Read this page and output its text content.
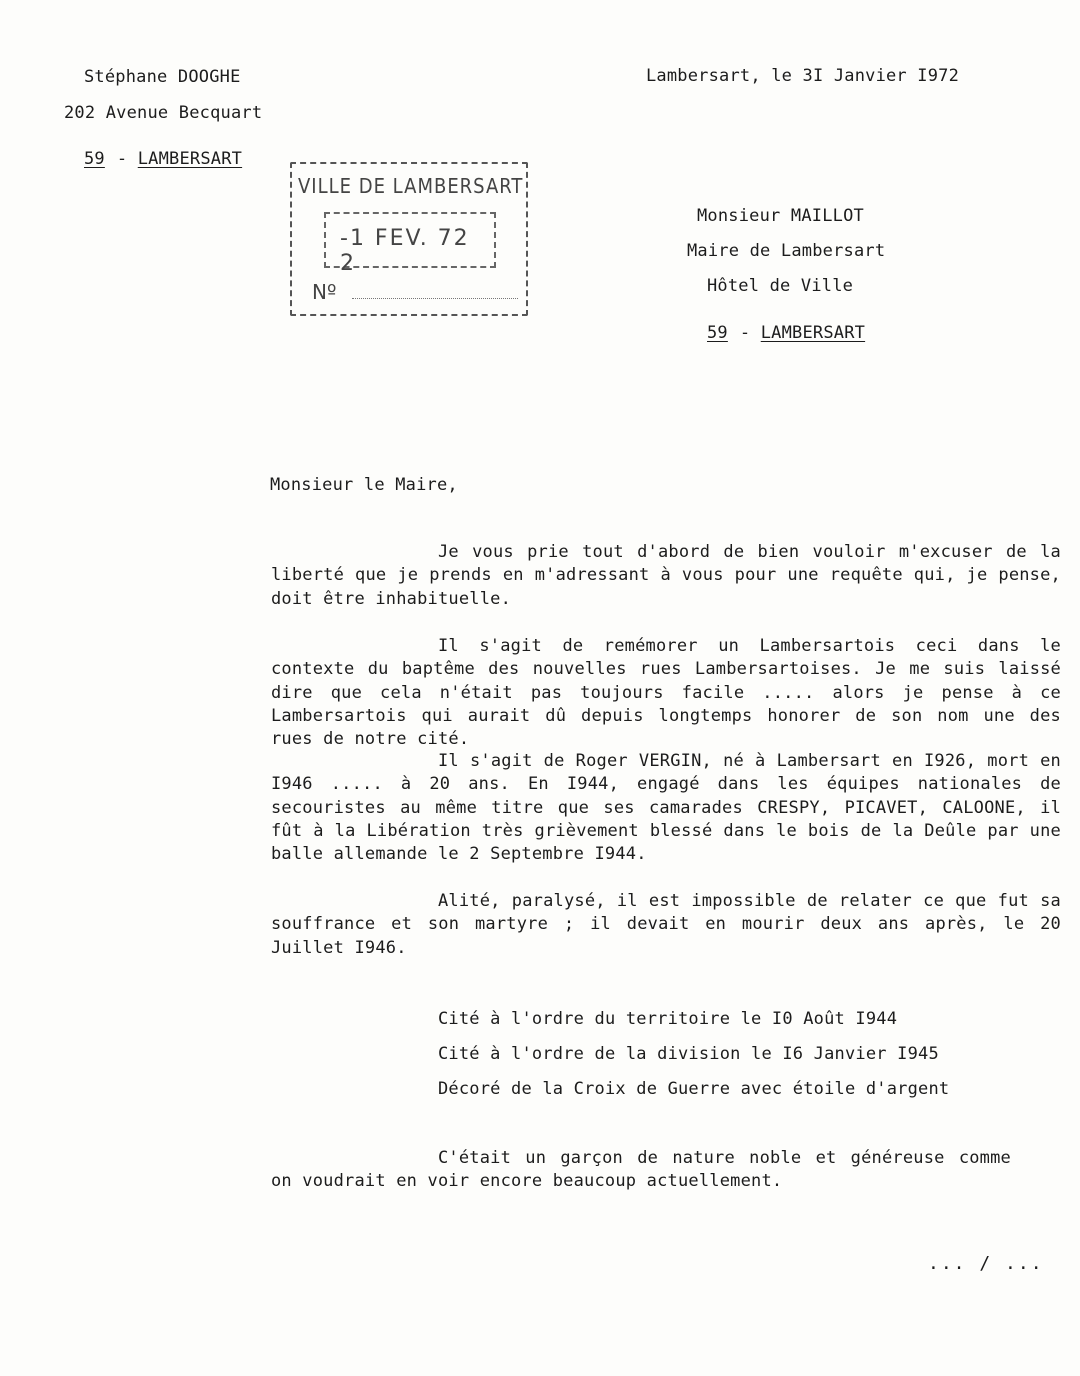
Stéphane DOOGHE
202 Avenue Becquart
59 - LAMBERSART
Lambersart, le 3I Janvier I972
VILLE DE LAMBERSART
-1 FEV. 72 2
Nº
Monsieur MAILLOT
Maire de Lambersart
Hôtel de Ville
59 - LAMBERSART
Monsieur le Maire,
Je vous prie tout d'abord de bien vouloir m'excuser de la liberté que je prends en m'adressant à vous pour une requête qui, je pense, doit être inhabituelle.
Il s'agit de remémorer un Lambersartois ceci dans le contexte du baptême des nouvelles rues Lambersartoises. Je me suis laissé dire que cela n'était pas toujours facile ..... alors je pense à ce Lambersartois qui aurait dû depuis longtemps honorer de son nom une des rues de notre cité.
Il s'agit de Roger VERGIN, né à Lambersart en I926, mort en I946 ..... à 20 ans. En I944, engagé dans les équipes nationales de secouristes au même titre que ses camarades CRESPY, PICAVET, CALOONE, il fût à la Libération très grièvement blessé dans le bois de la Deûle par une balle allemande le 2 Septembre I944.
Alité, paralysé, il est impossible de relater ce que fut sa souffrance et son martyre ; il devait en mourir deux ans après, le 20 Juillet I946.
Cité à l'ordre du territoire le I0 Août I944
Cité à l'ordre de la division le I6 Janvier I945
Décoré de la Croix de Guerre avec étoile d'argent
C'était un garçon de nature noble et généreuse comme on voudrait en voir encore beaucoup actuellement.
... / ...
